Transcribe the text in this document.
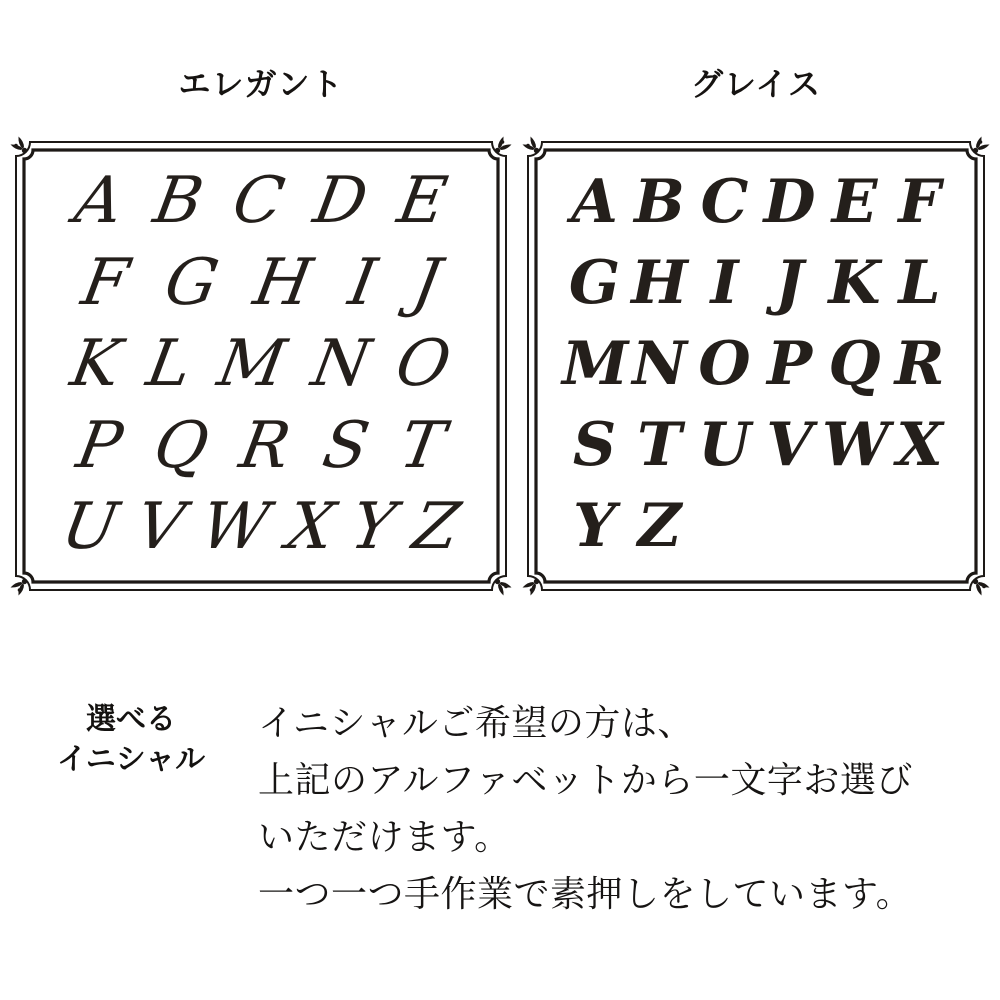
エレガント	グレイス
A B C D E
F G H I J
K L M N O
P Q R S T
U V W X Y Z
A B C D E F
G H I J K L
M N O P Q R
S T U V W X
Y Z
選べる
イニシャル
イニシャルご希望の方は、
上記のアルファベットから一文字お選び
いただけます。
一つ一つ手作業で素押しをしています。
